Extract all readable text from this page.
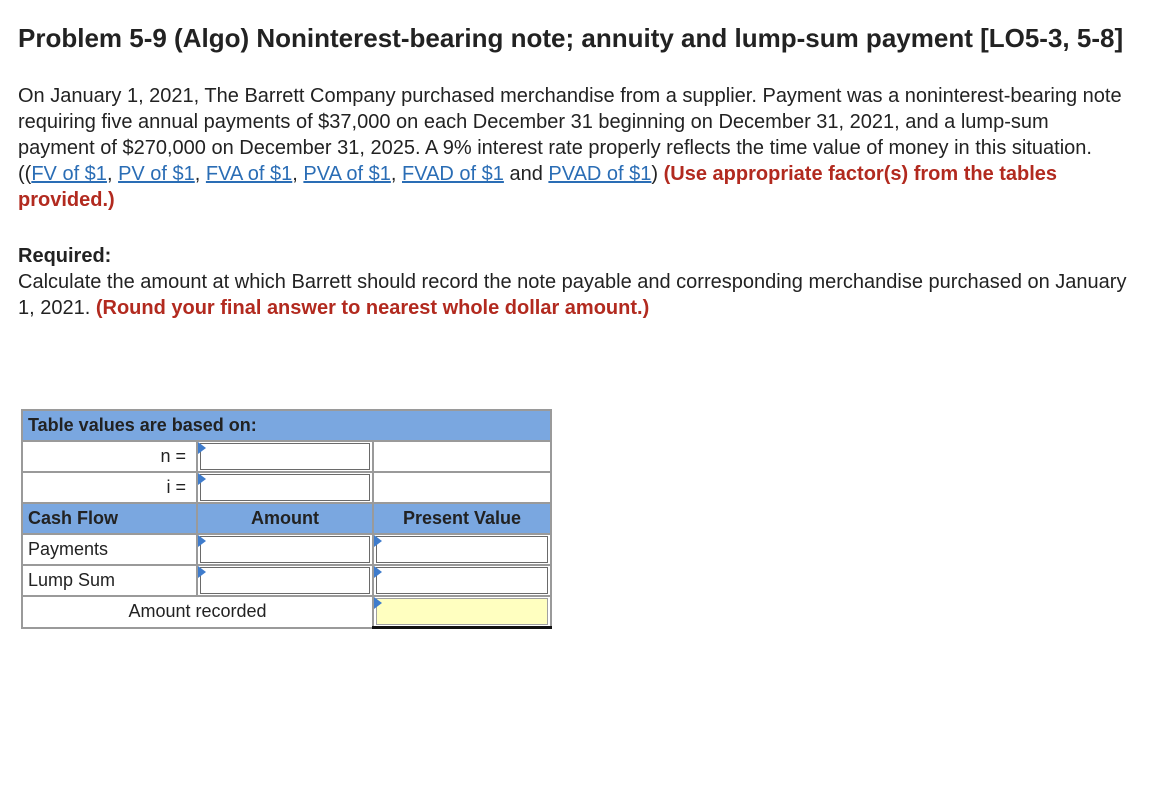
Problem 5-9 (Algo) Noninterest-bearing note; annuity and lump-sum payment [LO5-3, 5-8]

On January 1, 2021, The Barrett Company purchased merchandise from a supplier. Payment was a noninterest-bearing note requiring five annual payments of $37,000 on each December 31 beginning on December 31, 2021, and a lump-sum payment of $270,000 on December 31, 2025. A 9% interest rate properly reflects the time value of money in this situation. ((FV of $1, PV of $1, FVA of $1, PVA of $1, FVAD of $1 and PVAD of $1) (Use appropriate factor(s) from the tables provided.)

Required:

Calculate the amount at which Barrett should record the note payable and corresponding merchandise purchased on January 1, 2021. (Round your final answer to nearest whole dollar amount.)

Table values are based on:		
n =	

i =	

Cash Flow	Amount	Present Value
Payments	

Lump Sum	

Amount recorded	
